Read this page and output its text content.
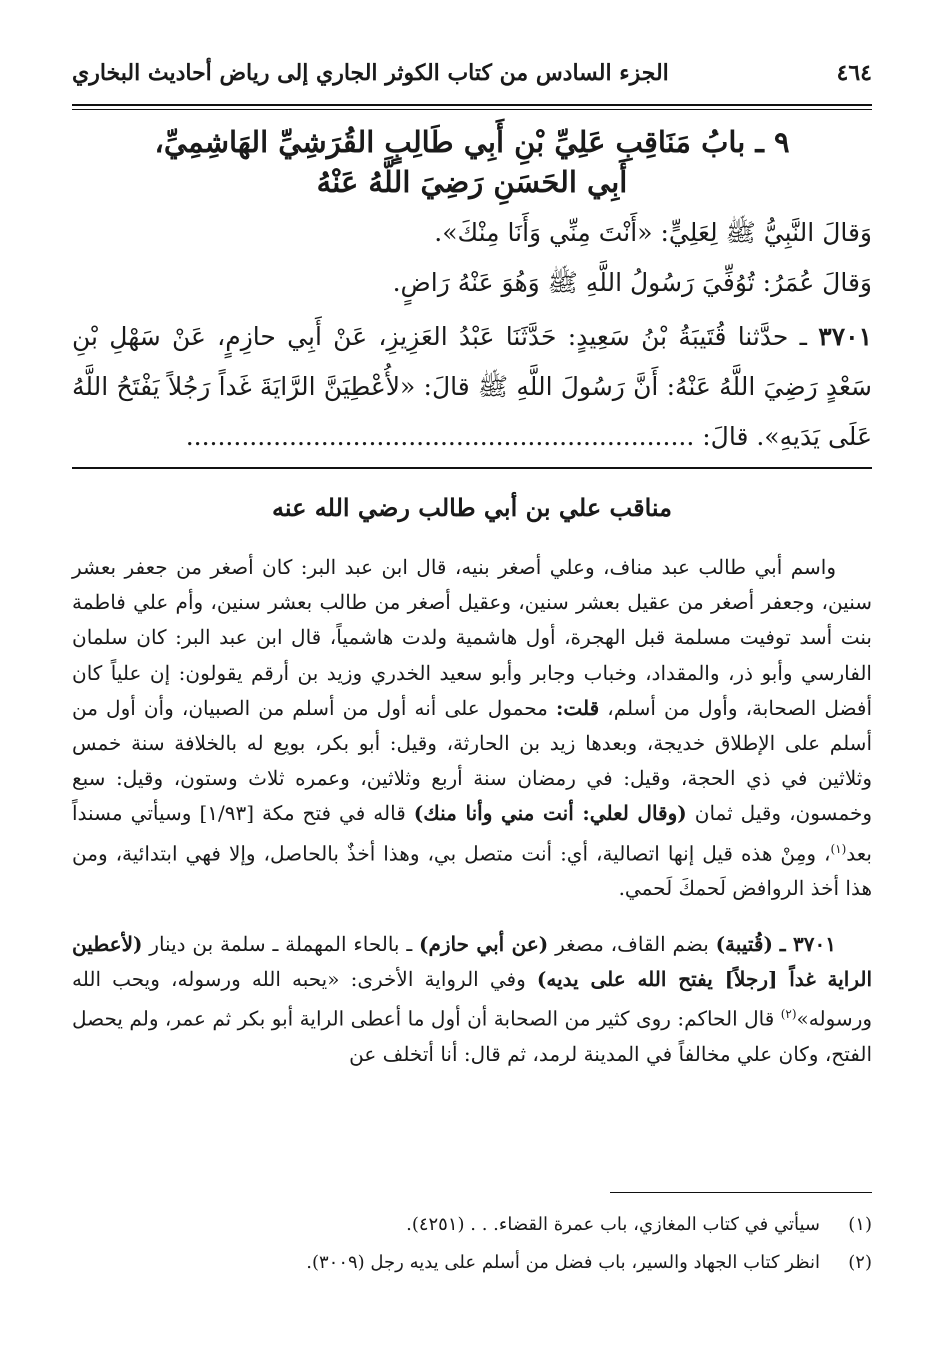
٤٦٤
الجزء السادس من كتاب الكوثر الجاري إلى رياض أحاديث البخاري

٩ ـ بابُ مَنَاقِبِ عَلِيِّ بْنِ أَبِي طَالِبٍ القُرَشِيِّ الهَاشِمِيِّ،

أَبِي الحَسَنِ رَضِيَ اللَّهُ عَنْهُ

وَقالَ النَّبِيُّ ﷺ لِعَلِيٍّ: «أَنْتَ مِنِّي وَأَنَا مِنْكَ».

وَقالَ عُمَرُ: تُوُفِّيَ رَسُولُ اللَّهِ ﷺ وَهُوَ عَنْهُ رَاضٍ.

٣٧٠١ ـ حدَّثنا قُتَيبَةُ بْنُ سَعِيدٍ: حَدَّثَنَا عَبْدُ العَزِيزِ، عَنْ أَبِي حازِمٍ، عَنْ سَهْلِ بْنِ سَعْدٍ رَضِيَ اللَّهُ عَنْهُ: أَنَّ رَسُولَ اللَّهِ ﷺ قالَ: «لأُعْطِيَنَّ الرَّايَةَ غَداً رَجُلاً يَفْتَحُ اللَّهُ عَلَى يَدَيهِ». قالَ: ................................................................

مناقب علي بن أبي طالب رضي الله عنه

واسم أبي طالب عبد مناف، وعلي أصغر بنيه، قال ابن عبد البر: كان أصغر من جعفر بعشر سنين، وجعفر أصغر من عقيل بعشر سنين، وعقيل أصغر من طالب بعشر سنين، وأم علي فاطمة بنت أسد توفيت مسلمة قبل الهجرة، أول هاشمية ولدت هاشمياً، قال ابن عبد البر: كان سلمان الفارسي وأبو ذر، والمقداد، وخباب وجابر وأبو سعيد الخدري وزيد بن أرقم يقولون: إن علياً كان أفضل الصحابة، وأول من أسلم، قلت: محمول على أنه أول من أسلم من الصبيان، وأن أول من أسلم على الإطلاق خديجة، وبعدها زيد بن الحارثة، وقيل: أبو بكر، بويع له بالخلافة سنة خمس وثلاثين في ذي الحجة، وقيل: في رمضان سنة أربع وثلاثين، وعمره ثلاث وستون، وقيل: سبع وخمسون، وقيل ثمان (وقال لعلي: أنت مني وأنا منك) قاله في فتح مكة [١/٩٣] وسيأتي مسنداً بعد$^{(١)}$، ومِنْ هذه قيل إنها اتصالية، أي: أنت متصل بي، وهذا أخذٌ بالحاصل، وإلا فهي ابتدائية، ومن هذا أخذ الروافض لَحمكَ لَحمي.

٣٧٠١ ـ (قُتيبة) بضم القاف، مصغر (عن أبي حازم) ـ بالحاء المهملة ـ سلمة بن دينار (لأعطين الراية غداً [رجلاً] يفتح الله على يديه) وفي الرواية الأخرى: «يحبه الله ورسوله، ويحب الله ورسوله»$^{(٢)}$ قال الحاكم: روى كثير من الصحابة أن أول ما أعطى الراية أبو بكر ثم عمر، ولم يحصل الفتح، وكان علي مخالفاً في المدينة لرمد، ثم قال: أنا أتخلف عن

(١)
سيأتي في كتاب المغازي، باب عمرة القضاء. . . (٤٢٥١).

(٢)
انظر كتاب الجهاد والسير، باب فضل من أسلم على يديه رجل (٣٠٠٩).
